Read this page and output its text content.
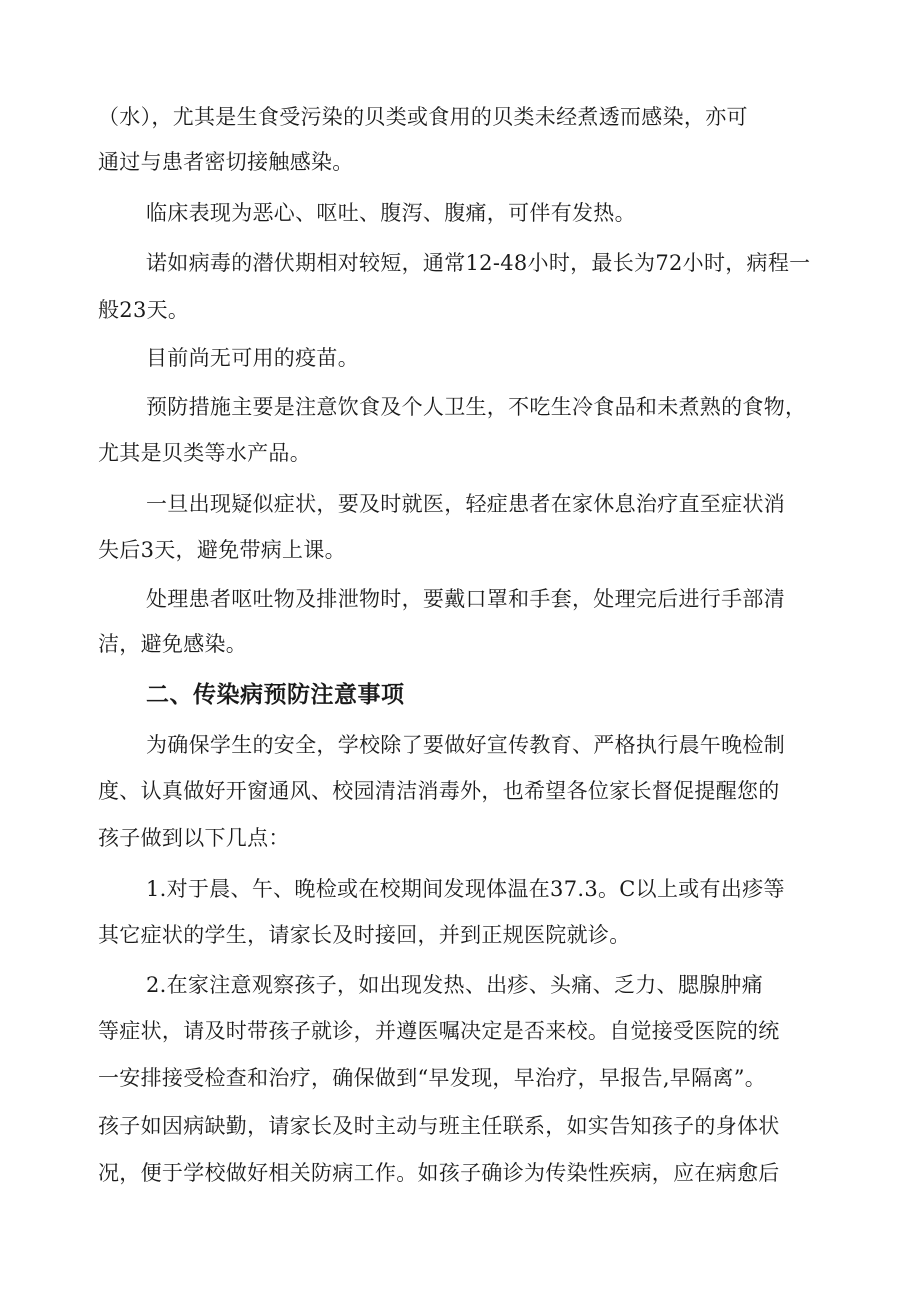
（水），尤其是生食受污染的贝类或食用的贝类未经煮透而感染，亦可
通过与患者密切接触感染。
临床表现为恶心、呕吐、腹泻、腹痛，可伴有发热。
诺如病毒的潜伏期相对较短，通常12-48小时，最长为72小时，病程一
般23天。
目前尚无可用的疫苗。
预防措施主要是注意饮食及个人卫生，不吃生冷食品和未煮熟的食物，
尤其是贝类等水产品。
一旦出现疑似症状，要及时就医，轻症患者在家休息治疗直至症状消
失后3天，避免带病上课。
处理患者呕吐物及排泄物时，要戴口罩和手套，处理完后进行手部清
洁，避免感染。
二、传染病预防注意事项
为确保学生的安全，学校除了要做好宣传教育、严格执行晨午晚检制
度、认真做好开窗通风、校园清洁消毒外，也希望各位家长督促提醒您的
孩子做到以下几点：
1.对于晨、午、晚检或在校期间发现体温在37.3。C以上或有出疹等
其它症状的学生，请家长及时接回，并到正规医院就诊。
2.在家注意观察孩子，如出现发热、出疹、头痛、乏力、腮腺肿痛
等症状，请及时带孩子就诊，并遵医嘱决定是否来校。自觉接受医院的统
一安排接受检查和治疗，确保做到“早发现，早治疗，早报告,早隔离”。
孩子如因病缺勤，请家长及时主动与班主任联系，如实告知孩子的身体状
况，便于学校做好相关防病工作。如孩子确诊为传染性疾病，应在病愈后
